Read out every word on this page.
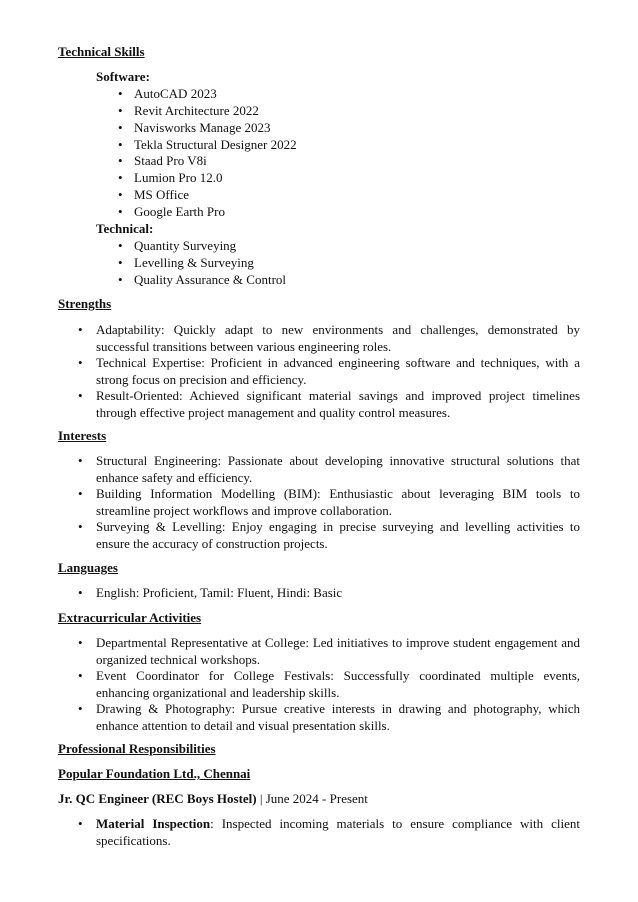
Technical Skills
Software:
• AutoCAD 2023
• Revit Architecture 2022
• Navisworks Manage 2023
• Tekla Structural Designer 2022
• Staad Pro V8i
• Lumion Pro 12.0
• MS Office
• Google Earth Pro
Technical:
• Quantity Surveying
• Levelling & Surveying
• Quality Assurance & Control
Strengths
• Adaptability: Quickly adapt to new environments and challenges, demonstrated by successful transitions between various engineering roles.
• Technical Expertise: Proficient in advanced engineering software and techniques, with a strong focus on precision and efficiency.
• Result-Oriented: Achieved significant material savings and improved project timelines through effective project management and quality control measures.
Interests
• Structural Engineering: Passionate about developing innovative structural solutions that enhance safety and efficiency.
• Building Information Modelling (BIM): Enthusiastic about leveraging BIM tools to streamline project workflows and improve collaboration.
• Surveying & Levelling: Enjoy engaging in precise surveying and levelling activities to ensure the accuracy of construction projects.
Languages
• English: Proficient, Tamil: Fluent, Hindi: Basic
Extracurricular Activities
• Departmental Representative at College: Led initiatives to improve student engagement and organized technical workshops.
• Event Coordinator for College Festivals: Successfully coordinated multiple events, enhancing organizational and leadership skills.
• Drawing & Photography: Pursue creative interests in drawing and photography, which enhance attention to detail and visual presentation skills.
Professional Responsibilities
Popular Foundation Ltd., Chennai
Jr. QC Engineer (REC Boys Hostel) | June 2024 - Present
• Material Inspection: Inspected incoming materials to ensure compliance with client specifications.
